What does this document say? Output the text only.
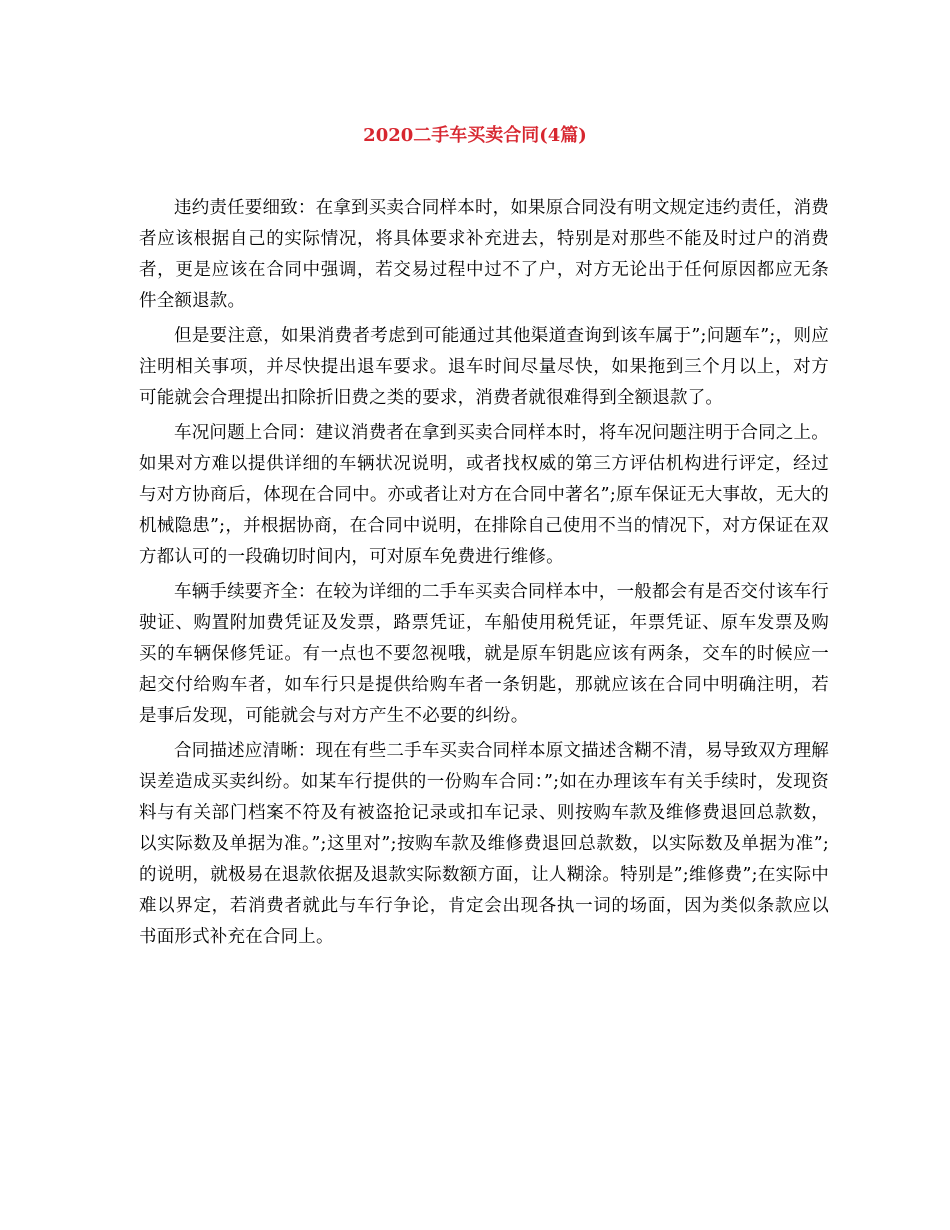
2020二手车买卖合同(4篇)

违约责任要细致：在拿到买卖合同样本时，如果原合同没有明文规定违约责任，消费者应该根据自己的实际情况，将具体要求补充进去，特别是对那些不能及时过户的消费者，更是应该在合同中强调，若交易过程中过不了户，对方无论出于任何原因都应无条件全额退款。

但是要注意，如果消费者考虑到可能通过其他渠道查询到该车属于”;问题车”;，则应注明相关事项，并尽快提出退车要求。退车时间尽量尽快，如果拖到三个月以上，对方可能就会合理提出扣除折旧费之类的要求，消费者就很难得到全额退款了。

车况问题上合同：建议消费者在拿到买卖合同样本时，将车况问题注明于合同之上。如果对方难以提供详细的车辆状况说明，或者找权威的第三方评估机构进行评定，经过与对方协商后，体现在合同中。亦或者让对方在合同中著名”;原车保证无大事故，无大的机械隐患”;，并根据协商，在合同中说明，在排除自己使用不当的情况下，对方保证在双方都认可的一段确切时间内，可对原车免费进行维修。

车辆手续要齐全：在较为详细的二手车买卖合同样本中，一般都会有是否交付该车行驶证、购置附加费凭证及发票，路票凭证，车船使用税凭证，年票凭证、原车发票及购买的车辆保修凭证。有一点也不要忽视哦，就是原车钥匙应该有两条，交车的时候应一起交付给购车者，如车行只是提供给购车者一条钥匙，那就应该在合同中明确注明，若是事后发现，可能就会与对方产生不必要的纠纷。

合同描述应清晰：现在有些二手车买卖合同样本原文描述含糊不清，易导致双方理解误差造成买卖纠纷。如某车行提供的一份购车合同：”;如在办理该车有关手续时，发现资料与有关部门档案不符及有被盗抢记录或扣车记录、则按购车款及维修费退回总款数，以实际数及单据为准。”;这里对”;按购车款及维修费退回总款数，以实际数及单据为准”;的说明，就极易在退款依据及退款实际数额方面，让人糊涂。特别是”;维修费”;在实际中难以界定，若消费者就此与车行争论，肯定会出现各执一词的场面，因为类似条款应以书面形式补充在合同上。
